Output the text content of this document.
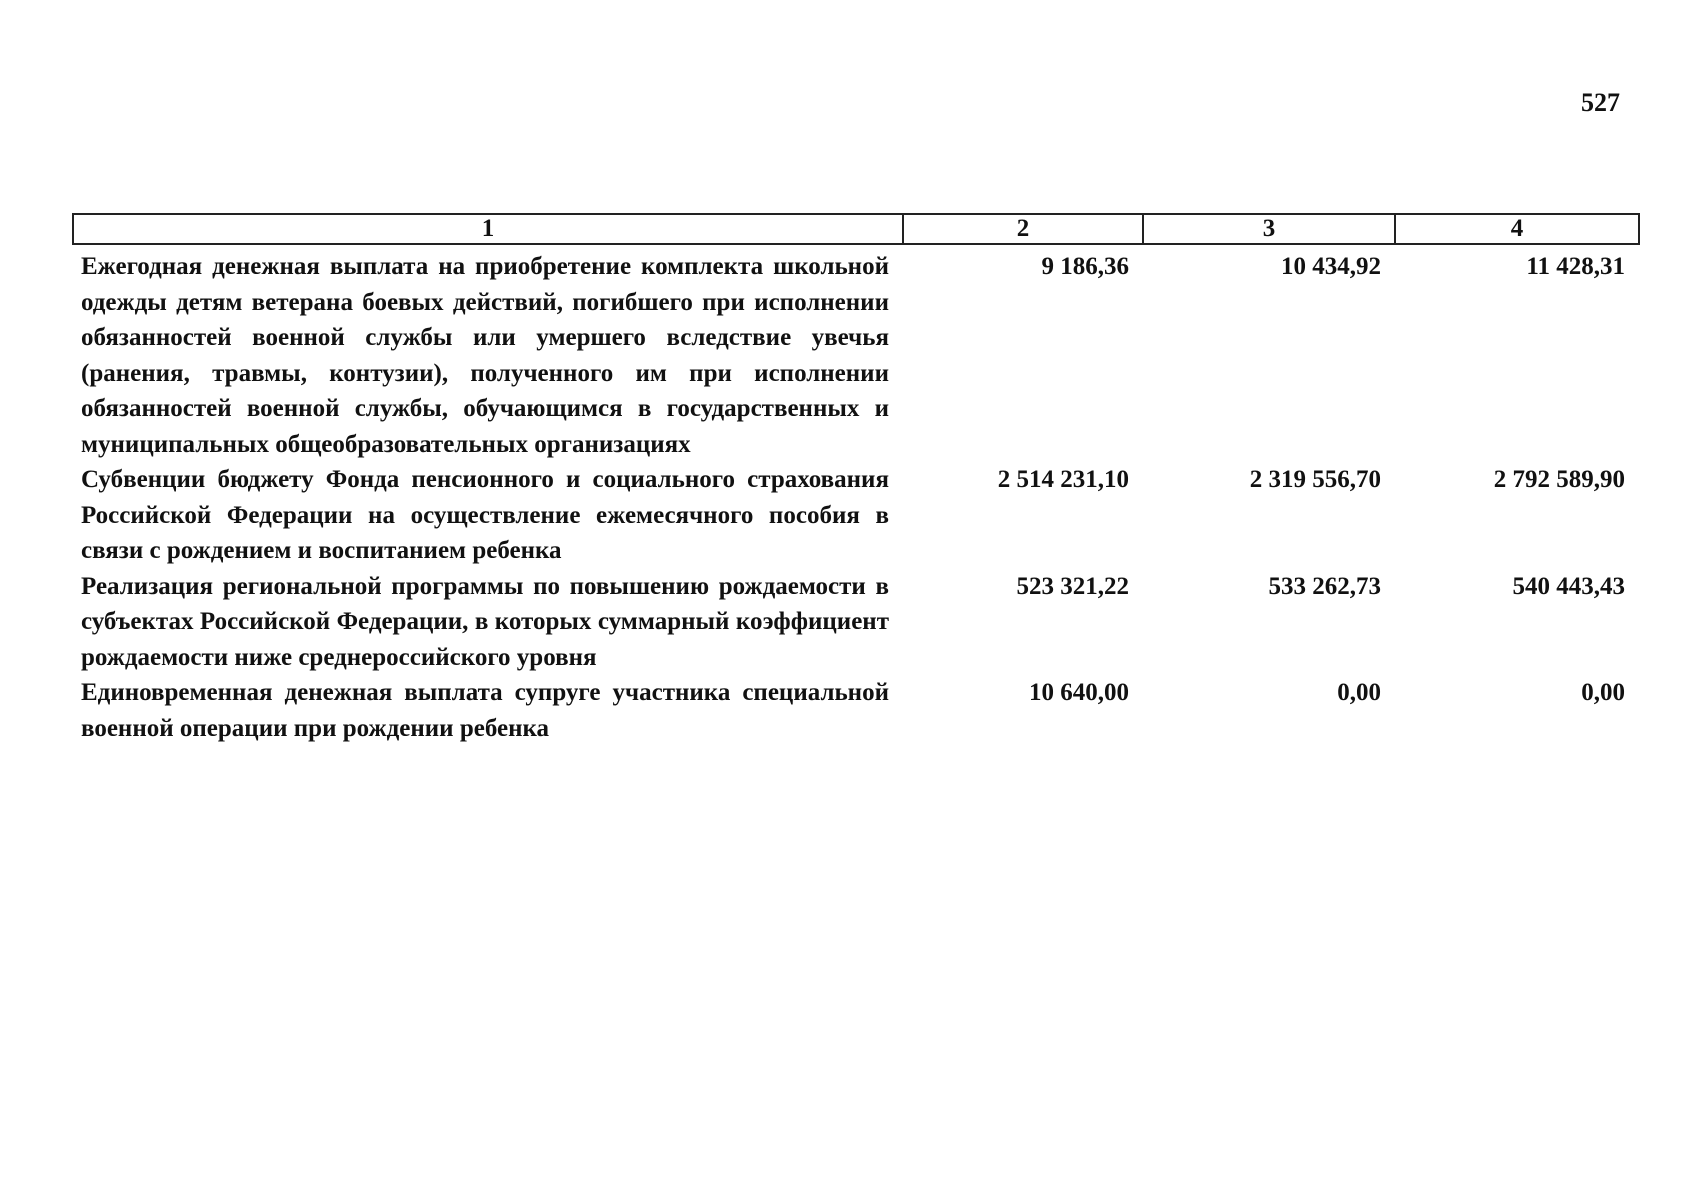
527
1	2	3	4
Ежегодная денежная выплата на приобретение комплекта школьной одежды детям ветерана боевых действий, погибшего при исполнении обязанностей военной службы или умершего вследствие увечья (ранения, травмы, контузии), полученного им при исполнении обязанностей военной службы, обучающимся в государственных и муниципальных общеобразовательных организациях	9 186,36	10 434,92	11 428,31
Субвенции бюджету Фонда пенсионного и социального страхования Российской Федерации на осуществление ежемесячного пособия в связи с рождением и воспитанием ребенка	2 514 231,10	2 319 556,70	2 792 589,90
Реализация региональной программы по повышению рождаемости в субъектах Российской Федерации, в которых суммарный коэффициент рождаемости ниже среднероссийского уровня	523 321,22	533 262,73	540 443,43
Единовременная денежная выплата супруге участника специальной военной операции при рождении ребенка	10 640,00	0,00	0,00
